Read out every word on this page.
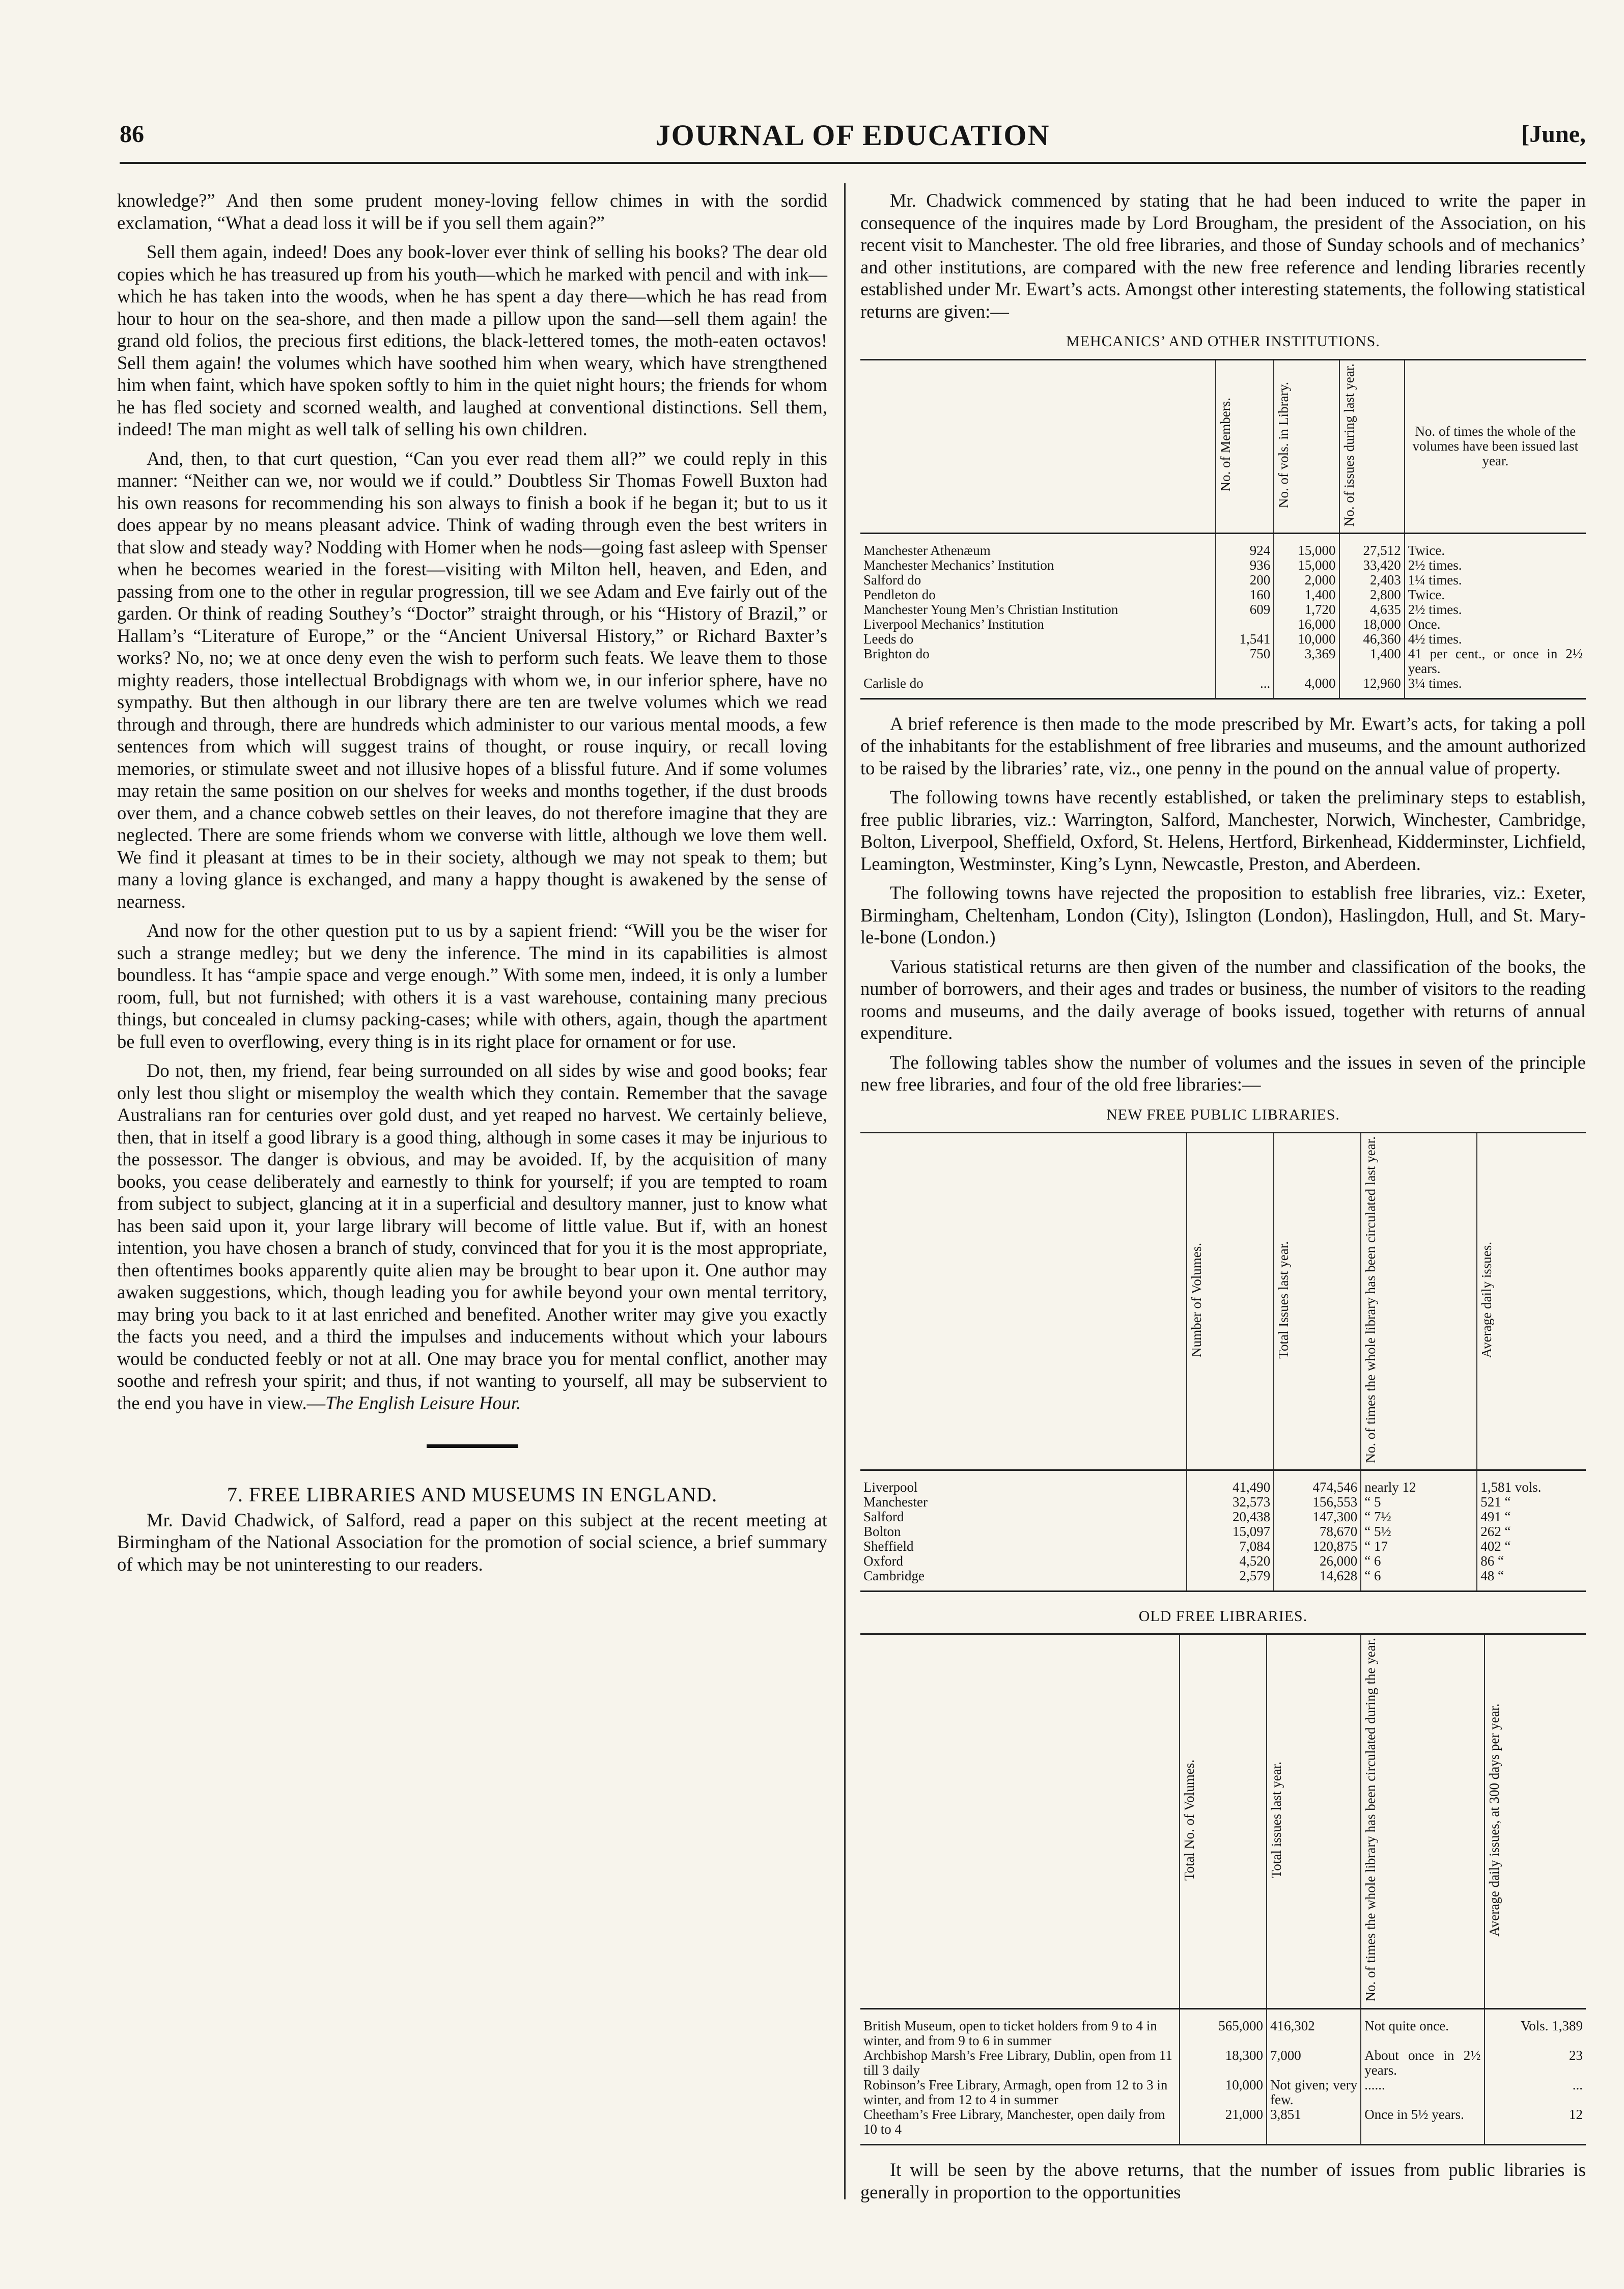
86	JOURNAL OF EDUCATION	[June,

knowledge?” And then some prudent money-loving fellow chimes in with the sordid exclamation, “What a dead loss it will be if you sell them again?”

Sell them again, indeed! Does any book-lover ever think of selling his books? The dear old copies which he has treasured up from his youth—which he marked with pencil and with ink—which he has taken into the woods, when he has spent a day there—which he has read from hour to hour on the sea-shore, and then made a pillow upon the sand—sell them again! the grand old folios, the precious first editions, the black-lettered tomes, the moth-eaten octavos! Sell them again! the volumes which have soothed him when weary, which have strengthened him when faint, which have spoken softly to him in the quiet night hours; the friends for whom he has fled society and scorned wealth, and laughed at conventional distinctions. Sell them, indeed! The man might as well talk of selling his own children.

And, then, to that curt question, “Can you ever read them all?” we could reply in this manner: “Neither can we, nor would we if could.” Doubtless Sir Thomas Fowell Buxton had his own reasons for recommending his son always to finish a book if he began it; but to us it does appear by no means pleasant advice. Think of wading through even the best writers in that slow and steady way? Nodding with Homer when he nods—going fast asleep with Spenser when he becomes wearied in the forest—visiting with Milton hell, heaven, and Eden, and passing from one to the other in regular progression, till we see Adam and Eve fairly out of the garden. Or think of reading Southey’s “Doctor” straight through, or his “History of Brazil,” or Hallam’s “Literature of Europe,” or the “Ancient Universal History,” or Richard Baxter’s works? No, no; we at once deny even the wish to perform such feats. We leave them to those mighty readers, those intellectual Brobdignags with whom we, in our inferior sphere, have no sympathy. But then although in our library there are ten are twelve volumes which we read through and through, there are hundreds which administer to our various mental moods, a few sentences from which will suggest trains of thought, or rouse inquiry, or recall loving memories, or stimulate sweet and not illusive hopes of a blissful future. And if some volumes may retain the same position on our shelves for weeks and months together, if the dust broods over them, and a chance cobweb settles on their leaves, do not therefore imagine that they are neglected. There are some friends whom we converse with little, although we love them well. We find it pleasant at times to be in their society, although we may not speak to them; but many a loving glance is exchanged, and many a happy thought is awakened by the sense of nearness.

And now for the other question put to us by a sapient friend: “Will you be the wiser for such a strange medley; but we deny the inference. The mind in its capabilities is almost boundless. It has “ampie space and verge enough.” With some men, indeed, it is only a lumber room, full, but not furnished; with others it is a vast warehouse, containing many precious things, but concealed in clumsy packing-cases; while with others, again, though the apartment be full even to overflowing, every thing is in its right place for ornament or for use.

Do not, then, my friend, fear being surrounded on all sides by wise and good books; fear only lest thou slight or misemploy the wealth which they contain. Remember that the savage Australians ran for centuries over gold dust, and yet reaped no harvest. We certainly believe, then, that in itself a good library is a good thing, although in some cases it may be injurious to the possessor. The danger is obvious, and may be avoided. If, by the acquisition of many books, you cease deliberately and earnestly to think for yourself; if you are tempted to roam from subject to subject, glancing at it in a superficial and desultory manner, just to know what has been said upon it, your large library will become of little value. But if, with an honest intention, you have chosen a branch of study, convinced that for you it is the most appropriate, then oftentimes books apparently quite alien may be brought to bear upon it. One author may awaken suggestions, which, though leading you for awhile beyond your own mental territory, may bring you back to it at last enriched and benefited. Another writer may give you exactly the facts you need, and a third the impulses and inducements without which your labours would be conducted feebly or not at all. One may brace you for mental conflict, another may soothe and refresh your spirit; and thus, if not wanting to yourself, all may be subservient to the end you have in view.—The English Leisure Hour.

7. FREE LIBRARIES AND MUSEUMS IN ENGLAND.

Mr. David Chadwick, of Salford, read a paper on this subject at the recent meeting at Birmingham of the National Association for the promotion of social science, a brief summary of which may be not uninteresting to our readers.

Mr. Chadwick commenced by stating that he had been induced to write the paper in consequence of the inquires made by Lord Brougham, the president of the Association, on his recent visit to Manchester. The old free libraries, and those of Sunday schools and of mechanics’ and other institutions, are compared with the new free reference and lending libraries recently established under Mr. Ewart’s acts. Amongst other interesting statements, the following statistical returns are given:—

MEHCANICS’ AND OTHER INSTITUTIONS.

	No. of Members.	No. of vols. in Library.	No. of issues during last year.	No. of times the whole of the volumes have been issued last year.
Manchester Athenæum	924	15,000	27,512	Twice.
Manchester Mechanics’ Institution	936	15,000	33,420	2½ times.
Salford do	200	2,000	2,403	1¼ times.
Pendleton do	160	1,400	2,800	Twice.
Manchester Young Men’s Christian Institution	609	1,720	4,635	2½ times.
Liverpool Mechanics’ Institution		16,000	18,000	Once.
Leeds do	1,541	10,000	46,360	4½ times.
Brighton do	750	3,369	1,400	41 per cent., or once in 2½ years.
Carlisle do	...	4,000	12,960	3¼ times.

A brief reference is then made to the mode prescribed by Mr. Ewart’s acts, for taking a poll of the inhabitants for the establishment of free libraries and museums, and the amount authorized to be raised by the libraries’ rate, viz., one penny in the pound on the annual value of property.

The following towns have recently established, or taken the preliminary steps to establish, free public libraries, viz.: Warrington, Salford, Manchester, Norwich, Winchester, Cambridge, Bolton, Liverpool, Sheffield, Oxford, St. Helens, Hertford, Birkenhead, Kidderminster, Lichfield, Leamington, Westminster, King’s Lynn, Newcastle, Preston, and Aberdeen.

The following towns have rejected the proposition to establish free libraries, viz.: Exeter, Birmingham, Cheltenham, London (City), Islington (London), Haslingdon, Hull, and St. Mary-le-bone (London.)

Various statistical returns are then given of the number and classification of the books, the number of borrowers, and their ages and trades or business, the number of visitors to the reading rooms and museums, and the daily average of books issued, together with returns of annual expenditure.

The following tables show the number of volumes and the issues in seven of the principle new free libraries, and four of the old free libraries:—

NEW FREE PUBLIC LIBRARIES.

	Number of Volumes.	Total Issues last year.	No. of times the whole library has been circulated last year.	Average daily issues.
Liverpool	41,490	474,546	nearly 12	1,581 vols.
Manchester	32,573	156,553	“ 5	521 “
Salford	20,438	147,300	“ 7½	491 “
Bolton	15,097	78,670	“ 5½	262 “
Sheffield	7,084	120,875	“ 17	402 “
Oxford	4,520	26,000	“ 6	86 “
Cambridge	2,579	14,628	“ 6	48 “

OLD FREE LIBRARIES.

	Total No. of Volumes.	Total issues last year.	No. of times the whole library has been circulated during the year.	Average daily issues, at 300 days per year.
British Museum, open to ticket holders from 9 to 4 in winter, and from 9 to 6 in summer	565,000	416,302	Not quite once.	Vols. 1,389
Archbishop Marsh’s Free Library, Dublin, open from 11 till 3 daily	18,300	7,000	About once in 2½ years.	23
Robinson’s Free Library, Armagh, open from 12 to 3 in winter, and from 12 to 4 in summer	10,000	Not given; very few.	......	...
Cheetham’s Free Library, Manchester, open daily from 10 to 4	21,000	3,851	Once in 5½ years.	12

It will be seen by the above returns, that the number of issues from public libraries is generally in proportion to the opportunities
